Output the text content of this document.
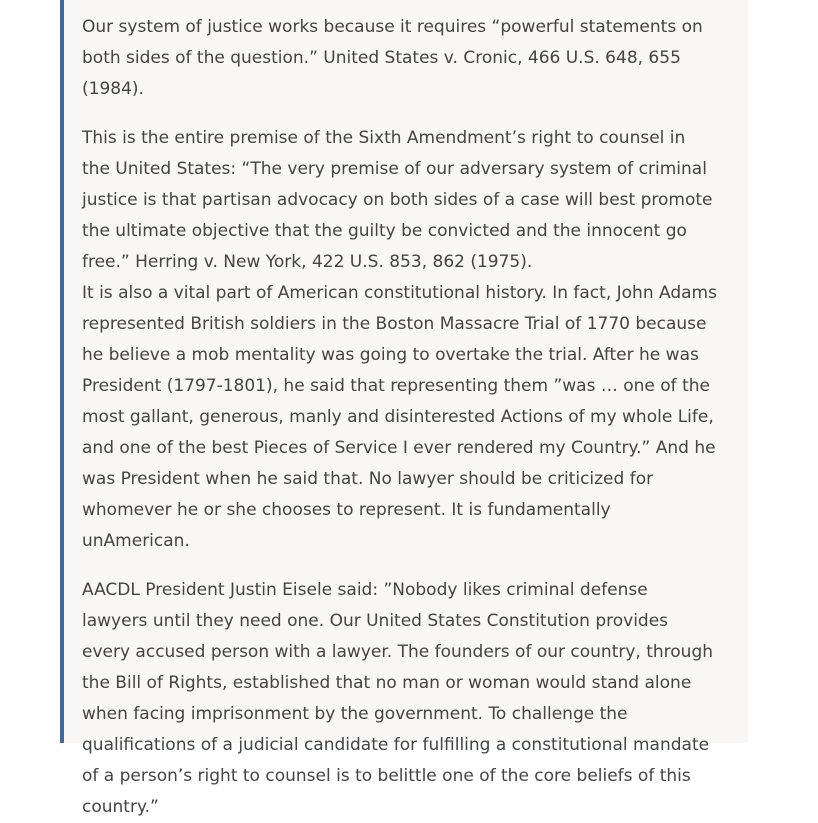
Our system of justice works because it requires “powerful statements on both sides of the question.” United States v. Cronic, 466 U.S. 648, 655 (1984).

This is the entire premise of the Sixth Amendment’s right to counsel in the United States: “The very premise of our adversary system of criminal justice is that partisan advocacy on both sides of a case will best promote the ultimate objective that the guilty be convicted and the innocent go free.” Herring v. New York, 422 U.S. 853, 862 (1975).

It is also a vital part of American constitutional history. In fact, John Adams represented British soldiers in the Boston Massacre Trial of 1770 because he believe a mob mentality was going to overtake the trial. After he was President (1797-1801), he said that representing them ”was … one of the most gallant, generous, manly and disinterested Actions of my whole Life, and one of the best Pieces of Service I ever rendered my Country.” And he was President when he said that. No lawyer should be criticized for whomever he or she chooses to represent. It is fundamentally unAmerican.

AACDL President Justin Eisele said: ”Nobody likes criminal defense lawyers until they need one. Our United States Constitution provides every accused person with a lawyer. The founders of our country, through the Bill of Rights, established that no man or woman would stand alone when facing imprisonment by the government. To challenge the qualifications of a judicial candidate for fulfilling a constitutional mandate of a person’s right to counsel is to belittle one of the core beliefs of this country.”
